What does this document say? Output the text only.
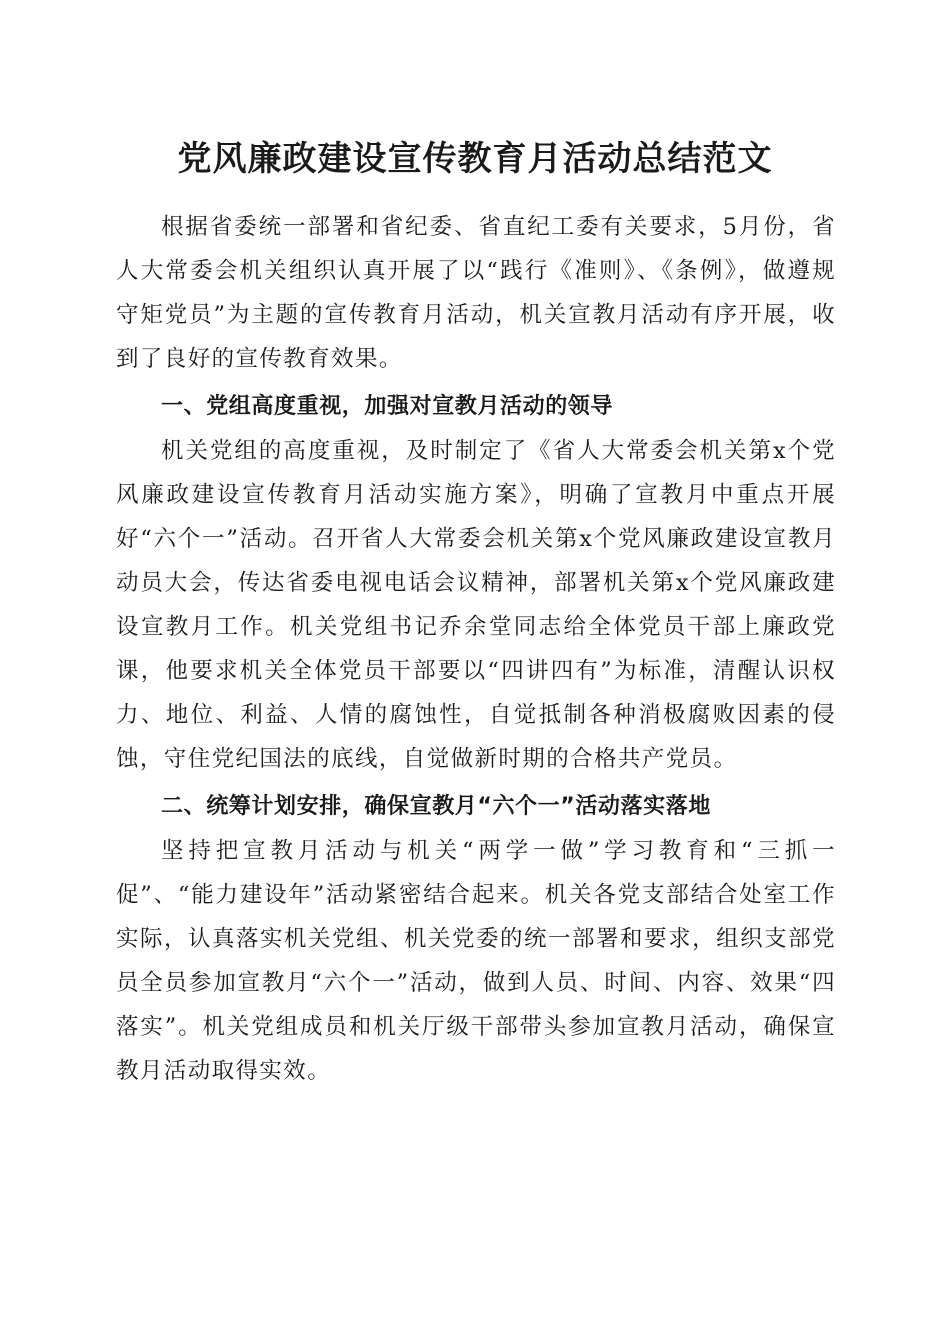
党风廉政建设宣传教育月活动总结范文

根据省委统一部署和省纪委、省直纪工委有关要求，5月份，省人大常委会机关组织认真开展了以“践行《准则》、《条例》，做遵规守矩党员”为主题的宣传教育月活动，机关宣教月活动有序开展，收到了良好的宣传教育效果。

一、党组高度重视，加强对宣教月活动的领导

机关党组的高度重视，及时制定了《省人大常委会机关第x个党风廉政建设宣传教育月活动实施方案》，明确了宣教月中重点开展好“六个一”活动。召开省人大常委会机关第x个党风廉政建设宣教月动员大会，传达省委电视电话会议精神，部署机关第x个党风廉政建设宣教月工作。机关党组书记乔余堂同志给全体党员干部上廉政党课，他要求机关全体党员干部要以“四讲四有”为标准，清醒认识权力、地位、利益、人情的腐蚀性，自觉抵制各种消极腐败因素的侵蚀，守住党纪国法的底线，自觉做新时期的合格共产党员。

二、统筹计划安排，确保宣教月“六个一”活动落实落地

坚持把宣教月活动与机关“两学一做”学习教育和“三抓一促”、“能力建设年”活动紧密结合起来。机关各党支部结合处室工作实际，认真落实机关党组、机关党委的统一部署和要求，组织支部党员全员参加宣教月“六个一”活动，做到人员、时间、内容、效果“四落实”。机关党组成员和机关厅级干部带头参加宣教月活动，确保宣教月活动取得实效。
